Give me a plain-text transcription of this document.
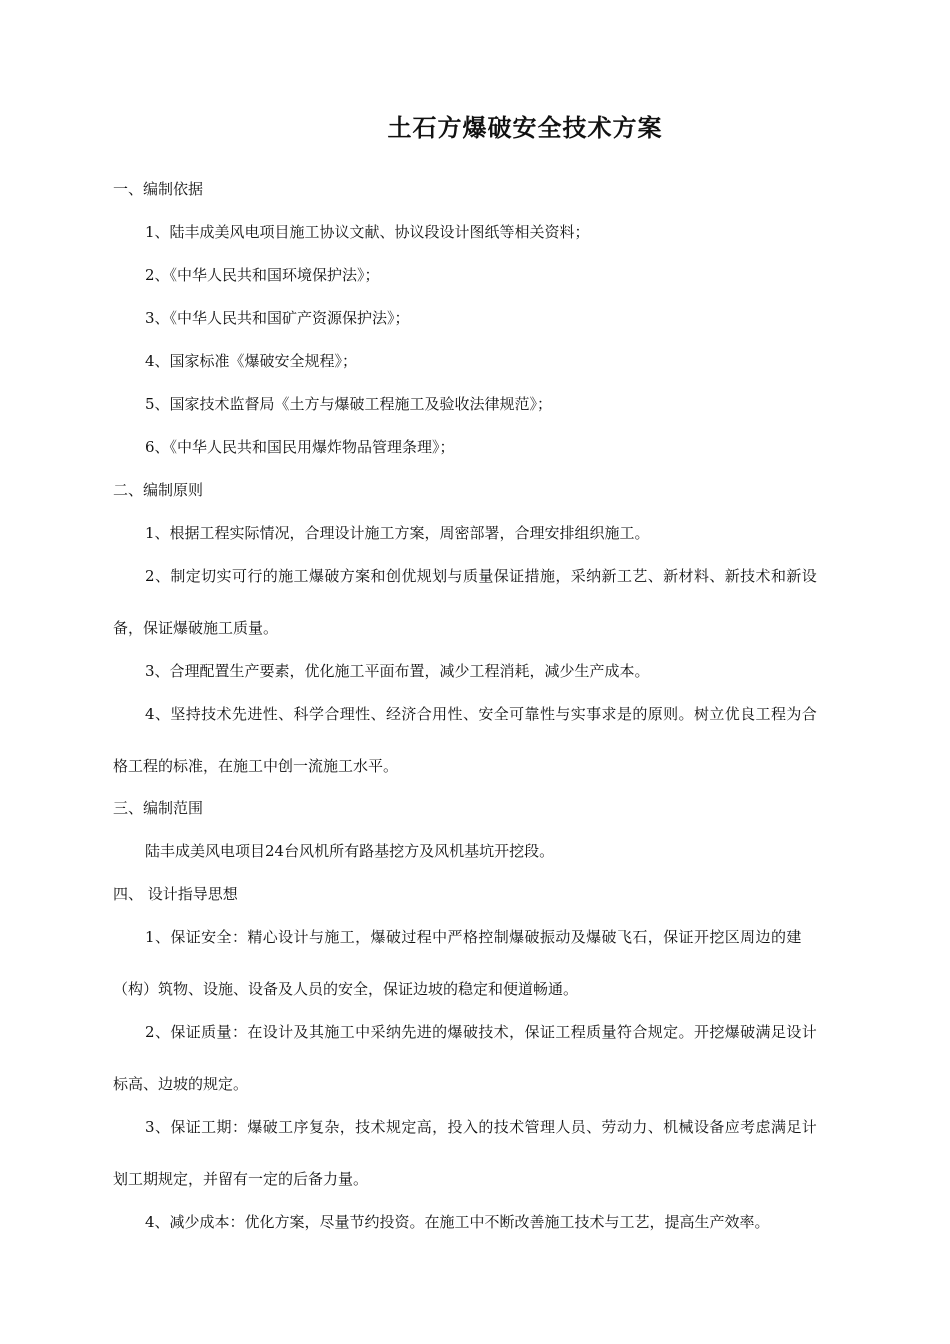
土石方爆破安全技术方案
一、编制依据
1、陆丰成美风电项目施工协议文献、协议段设计图纸等相关资料；
2、《中华人民共和国环境保护法》；
3、《中华人民共和国矿产资源保护法》；
4、国家标准《爆破安全规程》；
5、国家技术监督局《土方与爆破工程施工及验收法律规范》；
6、《中华人民共和国民用爆炸物品管理条理》；
二、编制原则
1、根据工程实际情况，合理设计施工方案，周密部署，合理安排组织施工。
2、制定切实可行的施工爆破方案和创优规划与质量保证措施，采纳新工艺、新材料、新技术和新设
备，保证爆破施工质量。
3、合理配置生产要素，优化施工平面布置，减少工程消耗，减少生产成本。
4、坚持技术先进性、科学合理性、经济合用性、安全可靠性与实事求是的原则。树立优良工程为合
格工程的标准，在施工中创一流施工水平。
三、编制范围
陆丰成美风电项目24台风机所有路基挖方及风机基坑开挖段。
四、 设计指导思想
1、保证安全：精心设计与施工，爆破过程中严格控制爆破振动及爆破飞石，保证开挖区周边的建
（构）筑物、设施、设备及人员的安全，保证边坡的稳定和便道畅通。
2、保证质量：在设计及其施工中采纳先进的爆破技术，保证工程质量符合规定。开挖爆破满足设计
标高、边坡的规定。
3、保证工期：爆破工序复杂，技术规定高，投入的技术管理人员、劳动力、机械设备应考虑满足计
划工期规定，并留有一定的后备力量。
4、减少成本：优化方案，尽量节约投资。在施工中不断改善施工技术与工艺，提高生产效率。
